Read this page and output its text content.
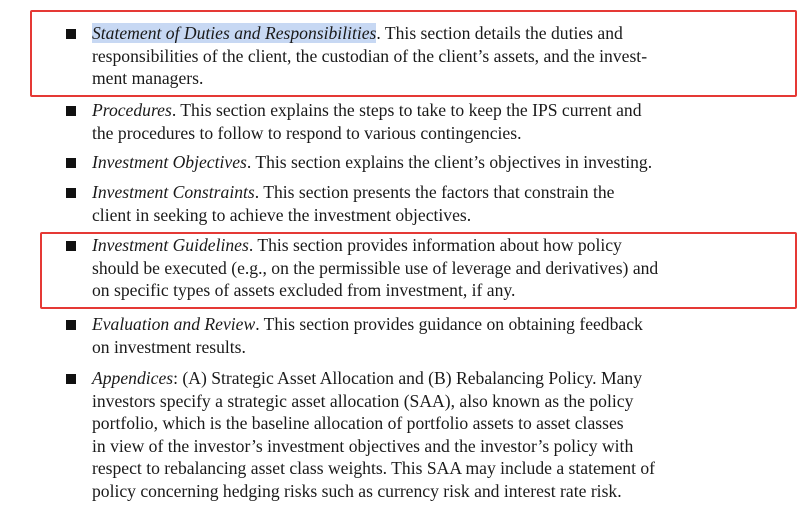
Statement of Duties and Responsibilities. This section details the duties and
responsibilities of the client, the custodian of the client’s assets, and the invest-
ment managers.
Procedures. This section explains the steps to take to keep the IPS current and
the procedures to follow to respond to various contingencies.
Investment Objectives. This section explains the client’s objectives in investing.
Investment Constraints. This section presents the factors that constrain the
client in seeking to achieve the investment objectives.
Investment Guidelines. This section provides information about how policy
should be executed (e.g., on the permissible use of leverage and derivatives) and
on specific types of assets excluded from investment, if any.
Evaluation and Review. This section provides guidance on obtaining feedback
on investment results.
Appendices: (A) Strategic Asset Allocation and (B) Rebalancing Policy. Many
investors specify a strategic asset allocation (SAA), also known as the policy
portfolio, which is the baseline allocation of portfolio assets to asset classes
in view of the investor’s investment objectives and the investor’s policy with
respect to rebalancing asset class weights. This SAA may include a statement of
policy concerning hedging risks such as currency risk and interest rate risk.
